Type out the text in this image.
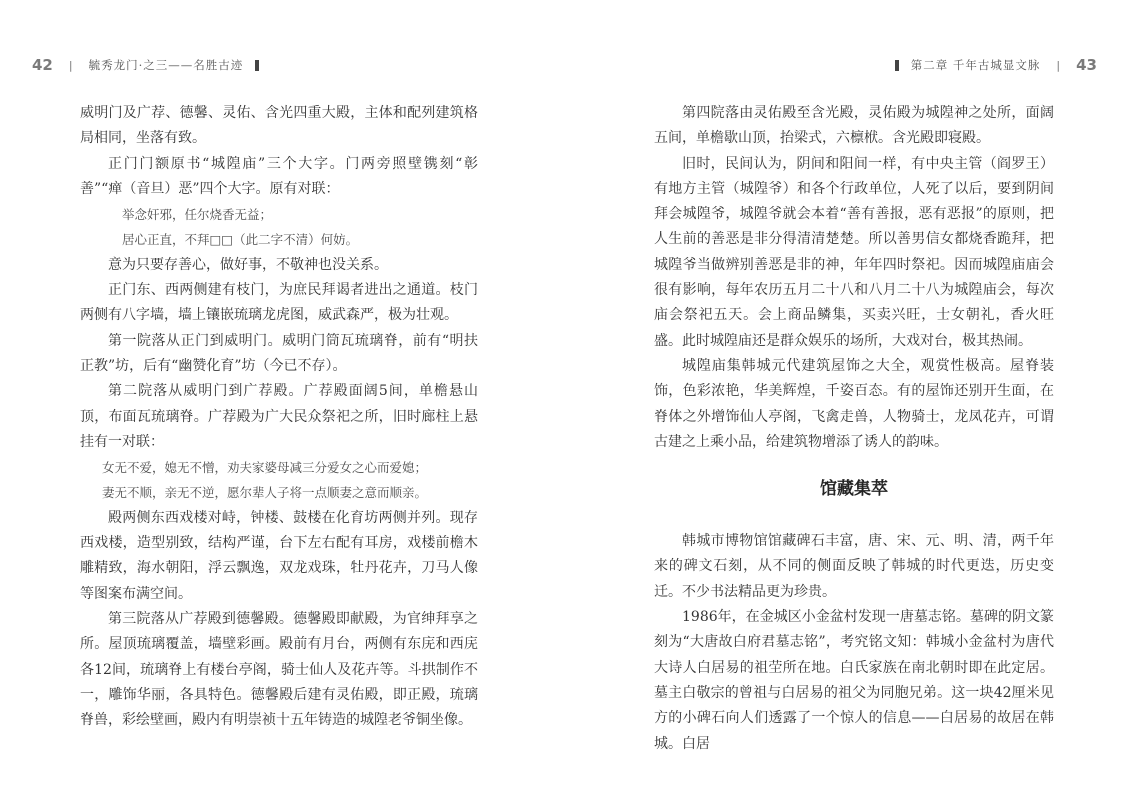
42 | 毓秀龙门·之三——名胜古迹

威明门及广荐、德馨、灵佑、含光四重大殿，主体和配列建筑格局相同，坐落有致。

正门门额原书“城隍庙”三个大字。门两旁照壁镌刻“彰善”“瘅（音旦）恶”四个大字。原有对联：

举念奸邪，任尔烧香无益；

居心正直，不拜□□（此二字不清）何妨。

意为只要存善心，做好事，不敬神也没关系。

正门东、西两侧建有枝门，为庶民拜谒者进出之通道。枝门两侧有八字墙，墙上镶嵌琉璃龙虎图，威武森严，极为壮观。

第一院落从正门到威明门。威明门筒瓦琉璃脊，前有“明扶正教”坊，后有“幽赞化育”坊（今已不存）。

第二院落从威明门到广荐殿。广荐殿面阔5间，单檐悬山顶，布面瓦琉璃脊。广荐殿为广大民众祭祀之所，旧时廊柱上悬挂有一对联：

女无不爱，媳无不憎，劝夫家婆母减三分爱女之心而爱媳；

妻无不顺，亲无不逆，愿尔辈人子将一点顺妻之意而顺亲。

殿两侧东西戏楼对峙，钟楼、鼓楼在化育坊两侧并列。现存西戏楼，造型别致，结构严谨，台下左右配有耳房，戏楼前檐木雕精致，海水朝阳，浮云飘逸，双龙戏珠，牡丹花卉，刀马人像等图案布满空间。

第三院落从广荐殿到德馨殿。德馨殿即献殿，为官绅拜享之所。屋顶琉璃覆盖，墙壁彩画。殿前有月台，两侧有东庑和西庑各12间，琉璃脊上有楼台亭阁，骑士仙人及花卉等。斗拱制作不一，雕饰华丽，各具特色。德馨殿后建有灵佑殿，即正殿，琉璃脊兽，彩绘壁画，殿内有明崇祯十五年铸造的城隍老爷铜坐像。

第二章 千年古城显文脉 | 43

第四院落由灵佑殿至含光殿，灵佑殿为城隍神之处所，面阔五间，单檐歇山顶，抬梁式，六檩栿。含光殿即寝殿。

旧时，民间认为，阴间和阳间一样，有中央主管（阎罗王）有地方主管（城隍爷）和各个行政单位，人死了以后，要到阴间拜会城隍爷，城隍爷就会本着“善有善报，恶有恶报”的原则，把人生前的善恶是非分得清清楚楚。所以善男信女都烧香跪拜，把城隍爷当做辨别善恶是非的神，年年四时祭祀。因而城隍庙庙会很有影响，每年农历五月二十八和八月二十八为城隍庙会，每次庙会祭祀五天。会上商品鳞集，买卖兴旺，士女朝礼，香火旺盛。此时城隍庙还是群众娱乐的场所，大戏对台，极其热闹。

城隍庙集韩城元代建筑屋饰之大全，观赏性极高。屋脊装饰，色彩浓艳，华美辉煌，千姿百态。有的屋饰还别开生面，在脊体之外增饰仙人亭阁，飞禽走兽，人物骑士，龙凤花卉，可谓古建之上乘小品，给建筑物增添了诱人的韵味。

馆藏集萃

韩城市博物馆馆藏碑石丰富，唐、宋、元、明、清，两千年来的碑文石刻，从不同的侧面反映了韩城的时代更迭，历史变迁。不少书法精品更为珍贵。

1986年，在金城区小金盆村发现一唐墓志铭。墓碑的阴文篆刻为“大唐故白府君墓志铭”，考究铭文知：韩城小金盆村为唐代大诗人白居易的祖茔所在地。白氏家族在南北朝时即在此定居。墓主白敬宗的曾祖与白居易的祖父为同胞兄弟。这一块42厘米见方的小碑石向人们透露了一个惊人的信息——白居易的故居在韩城。白居
